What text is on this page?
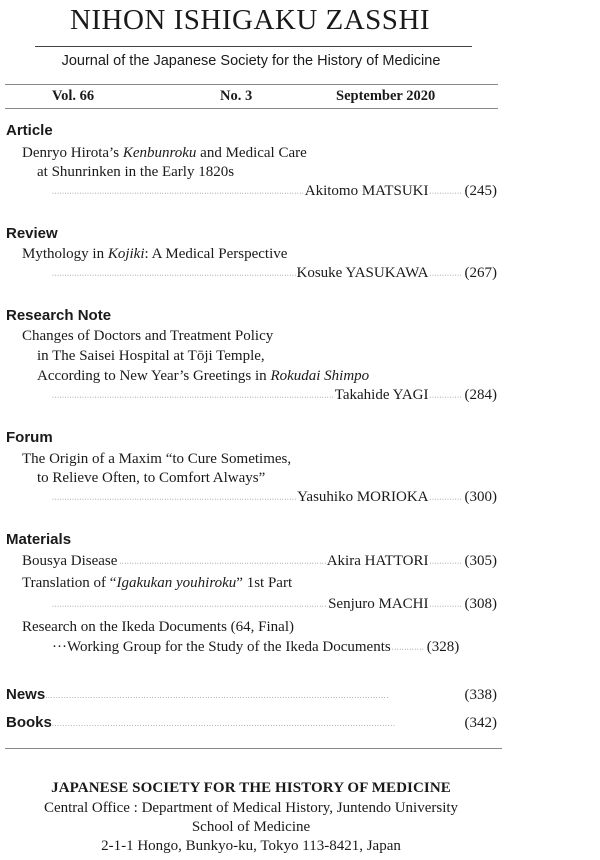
NIHON ISHIGAKU ZASSHI
Journal of the Japanese Society for the History of Medicine
Vol. 66	No. 3	September 2020
Article
Denryo Hirota’s Kenbunroku and Medical Care
at Shunrinken in the Early 1820s
· · ·
Akitomo MATSUKI · · · (245)
Review
Mythology in Kojiki: A Medical Perspective
· · ·
Kosuke YASUKAWA · · · (267)
Research Note
Changes of Doctors and Treatment Policy
in The Saisei Hospital at Tōji Temple,
According to New Year’s Greetings in Rokudai Shimpo
· · ·
Takahide YAGI · · · (284)
Forum
The Origin of a Maxim “to Cure Sometimes,
to Relieve Often, to Comfort Always”
· · ·
Yasuhiko MORIOKA · · · (300)
Materials
Bousya Disease · · ·	Akira HATTORI · · · (305)
Translation of “Igakukan youhiroku” 1st Part
· · ·
Senjuro MACHI · · · (308)
Research on the Ikeda Documents (64, Final)
···Working Group for the Study of the Ikeda Documents · · · (328)
News · · ·	(338)
Books · · ·	(342)
JAPANESE SOCIETY FOR THE HISTORY OF MEDICINE
Central Office : Department of Medical History, Juntendo University
School of Medicine
2-1-1 Hongo, Bunkyo-ku, Tokyo 113-8421, Japan
